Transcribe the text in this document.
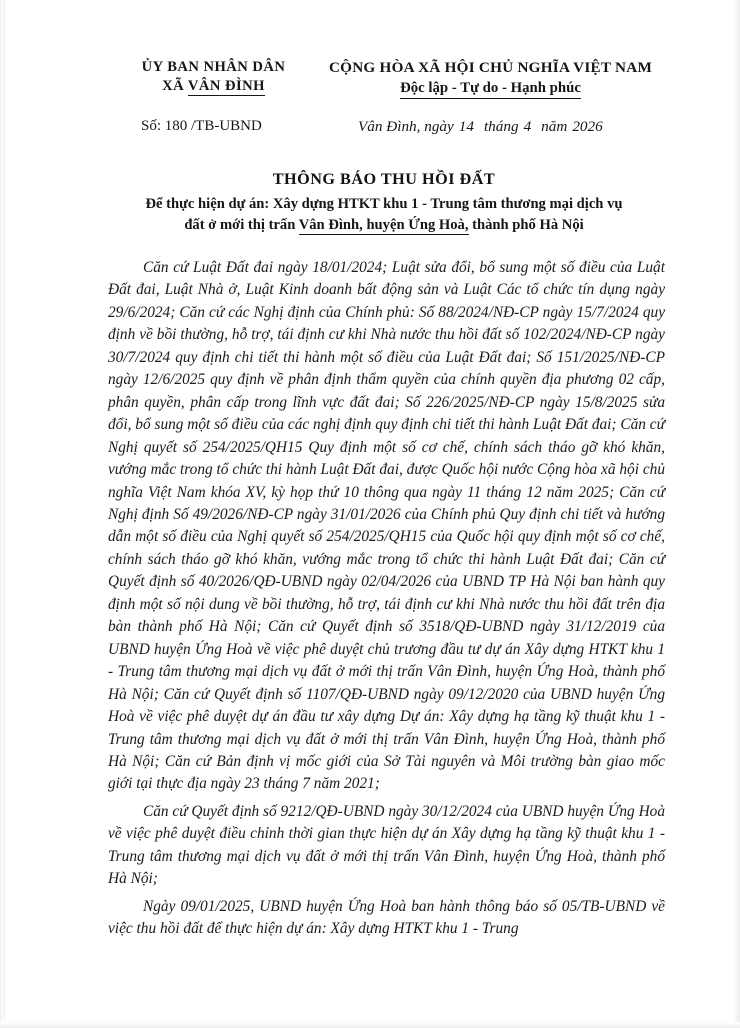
ỦY BAN NHÂN DÂN
XÃ VÂN ĐÌNH
CỘNG HÒA XÃ HỘI CHỦ NGHĨA VIỆT NAM
Độc lập - Tự do - Hạnh phúc
Số: 180 /TB-UBND	Vân Đình, ngày 14 tháng 4 năm 2026
THÔNG BÁO THU HỒI ĐẤT
Để thực hiện dự án: Xây dựng HTKT khu 1 - Trung tâm thương mại dịch vụ
đất ở mới thị trấn Vân Đình, huyện Ứng Hoà, thành phố Hà Nội

Căn cứ Luật Đất đai ngày 18/01/2024; Luật sửa đổi, bổ sung một số điều của Luật Đất đai, Luật Nhà ở, Luật Kinh doanh bất động sản và Luật Các tổ chức tín dụng ngày 29/6/2024; Căn cứ các Nghị định của Chính phủ: Số 88/2024/NĐ-CP ngày 15/7/2024 quy định về bồi thường, hỗ trợ, tái định cư khi Nhà nước thu hồi đất số 102/2024/NĐ-CP ngày 30/7/2024 quy định chi tiết thi hành một số điều của Luật Đất đai; Số 151/2025/NĐ-CP ngày 12/6/2025 quy định về phân định thẩm quyền của chính quyền địa phương 02 cấp, phân quyền, phân cấp trong lĩnh vực đất đai; Số 226/2025/NĐ-CP ngày 15/8/2025 sửa đổi, bổ sung một số điều của các nghị định quy định chi tiết thi hành Luật Đất đai; Căn cứ Nghị quyết số 254/2025/QH15 Quy định một số cơ chế, chính sách tháo gỡ khó khăn, vướng mắc trong tổ chức thi hành Luật Đất đai, được Quốc hội nước Cộng hòa xã hội chủ nghĩa Việt Nam khóa XV, kỳ họp thứ 10 thông qua ngày 11 tháng 12 năm 2025; Căn cứ Nghị định Số 49/2026/NĐ-CP ngày 31/01/2026 của Chính phủ Quy định chi tiết và hướng dẫn một số điều của Nghị quyết số 254/2025/QH15 của Quốc hội quy định một số cơ chế, chính sách tháo gỡ khó khăn, vướng mắc trong tổ chức thi hành Luật Đất đai; Căn cứ Quyết định số 40/2026/QĐ-UBND ngày 02/04/2026 của UBND TP Hà Nội ban hành quy định một số nội dung về bồi thường, hỗ trợ, tái định cư khi Nhà nước thu hồi đất trên địa bàn thành phố Hà Nội; Căn cứ Quyết định số 3518/QĐ-UBND ngày 31/12/2019 của UBND huyện Ứng Hoà về việc phê duyệt chủ trương đầu tư dự án Xây dựng HTKT khu 1 - Trung tâm thương mại dịch vụ đất ở mới thị trấn Vân Đình, huyện Ứng Hoà, thành phố Hà Nội; Căn cứ Quyết định số 1107/QĐ-UBND ngày 09/12/2020 của UBND huyện Ứng Hoà về việc phê duyệt dự án đầu tư xây dựng Dự án: Xây dựng hạ tầng kỹ thuật khu 1 - Trung tâm thương mại dịch vụ đất ở mới thị trấn Vân Đình, huyện Ứng Hoà, thành phố Hà Nội; Căn cứ Bản định vị mốc giới của Sở Tài nguyên và Môi trường bàn giao mốc giới tại thực địa ngày 23 tháng 7 năm 2021;

Căn cứ Quyết định số 9212/QĐ-UBND ngày 30/12/2024 của UBND huyện Ứng Hoà về việc phê duyệt điều chỉnh thời gian thực hiện dự án Xây dựng hạ tầng kỹ thuật khu 1 - Trung tâm thương mại dịch vụ đất ở mới thị trấn Vân Đình, huyện Ứng Hoà, thành phố Hà Nội;

Ngày 09/01/2025, UBND huyện Ứng Hoà ban hành thông báo số 05/TB-UBND về việc thu hồi đất để thực hiện dự án: Xây dựng HTKT khu 1 - Trung
